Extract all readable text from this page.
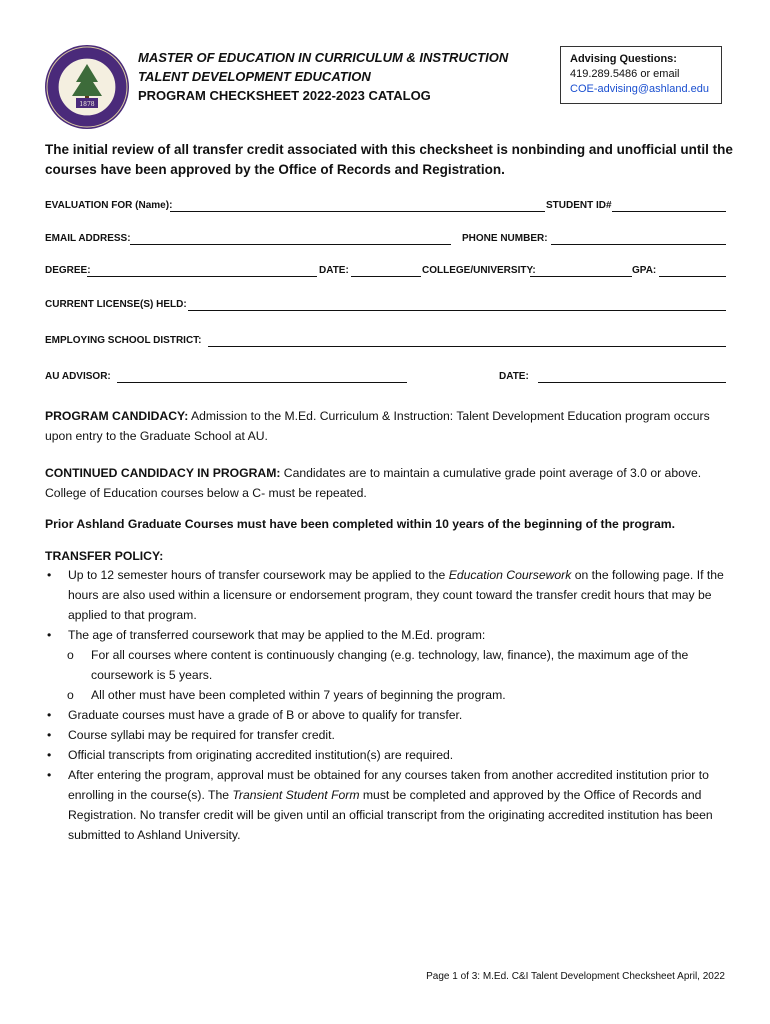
1878
MASTER OF EDUCATION IN CURRICULUM & INSTRUCTION
TALENT DEVELOPMENT EDUCATION
PROGRAM CHECKSHEET 2022-2023 CATALOG
Advising Questions:
419.289.5486 or email
COE-advising@ashland.edu
The initial review of all transfer credit associated with this checksheet is nonbinding and unofficial until the courses have been approved by the Office of Records and Registration.
EVALUATION FOR (Name):	STUDENT ID#
EMAIL ADDRESS:	PHONE NUMBER:
DEGREE:	DATE:	COLLEGE/UNIVERSITY:	GPA:
CURRENT LICENSE(S) HELD:
EMPLOYING SCHOOL DISTRICT:
AU ADVISOR:	DATE:
PROGRAM CANDIDACY: Admission to the M.Ed. Curriculum & Instruction: Talent Development Education program occurs upon entry to the Graduate School at AU.
CONTINUED CANDIDACY IN PROGRAM: Candidates are to maintain a cumulative grade point average of 3.0 or above. College of Education courses below a C- must be repeated.
Prior Ashland Graduate Courses must have been completed within 10 years of the beginning of the program.
TRANSFER POLICY:
• Up to 12 semester hours of transfer coursework may be applied to the Education Coursework on the following page. If the hours are also used within a licensure or endorsement program, they count toward the transfer credit hours that may be applied to that program.
• The age of transferred coursework that may be applied to the M.Ed. program:
o For all courses where content is continuously changing (e.g. technology, law, finance), the maximum age of the coursework is 5 years.
o All other must have been completed within 7 years of beginning the program.
• Graduate courses must have a grade of B or above to qualify for transfer.
• Course syllabi may be required for transfer credit.
• Official transcripts from originating accredited institution(s) are required.
• After entering the program, approval must be obtained for any courses taken from another accredited institution prior to enrolling in the course(s). The Transient Student Form must be completed and approved by the Office of Records and Registration. No transfer credit will be given until an official transcript from the originating accredited institution has been submitted to Ashland University.
Page 1 of 3: M.Ed. C&I Talent Development Checksheet April, 2022
